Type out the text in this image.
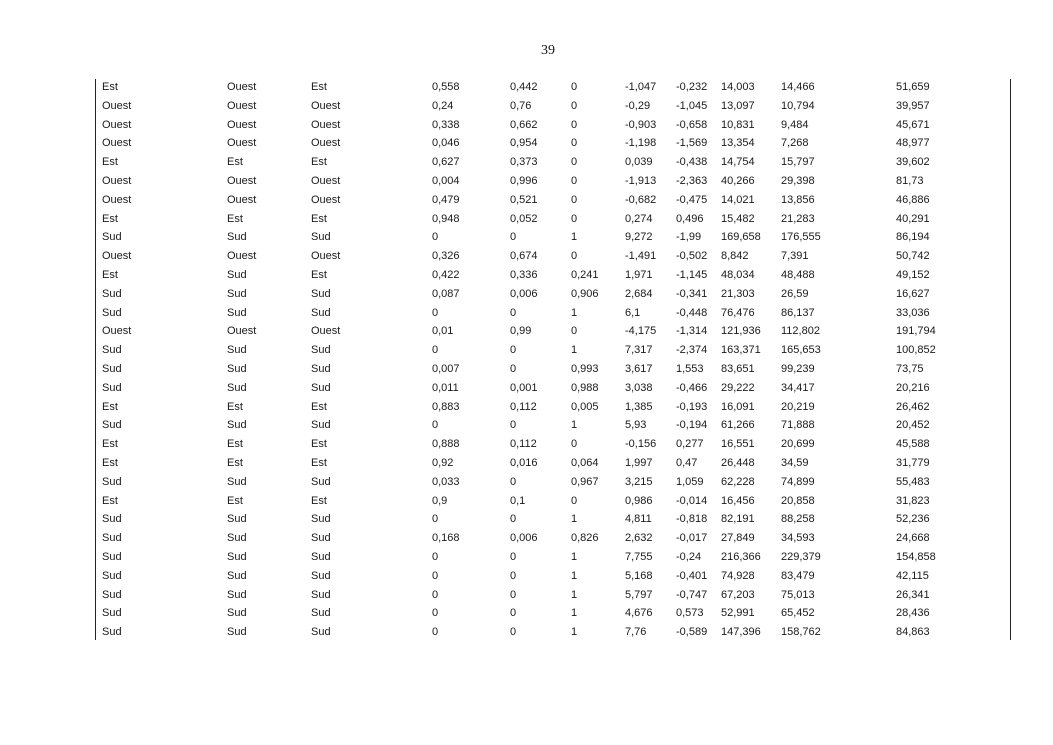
39
Est	Ouest	Est	0,558	0,442	0	-1,047 -0,232 14,003 14,466	51,659
Ouest	Ouest	Ouest	0,24	0,76	0	-0,29 -1,045 13,097 10,794	39,957
Ouest	Ouest	Ouest	0,338	0,662	0	-0,903 -0,658 10,831 9,484	45,671
Ouest	Ouest	Ouest	0,046	0,954	0	-1,198 -1,569 13,354 7,268	48,977
Est	Est	Est	0,627	0,373	0	0,039 -0,438 14,754 15,797	39,602
Ouest	Ouest	Ouest	0,004	0,996	0	-1,913 -2,363 40,266 29,398	81,73
Ouest	Ouest	Ouest	0,479	0,521	0	-0,682 -0,475 14,021 13,856	46,886
Est	Est	Est	0,948	0,052	0	0,274 0,496 15,482 21,283	40,291
Sud	Sud	Sud	0	0	1	9,272 -1,99 169,658 176,555	86,194
Ouest	Ouest	Ouest	0,326	0,674	0	-1,491 -0,502 8,842	7,391	50,742
Est	Sud	Est	0,422	0,336	0,241 1,971 -1,145 48,034 48,488	49,152
Sud	Sud	Sud	0,087	0,006	0,906 2,684 -0,341 21,303 26,59	16,627
Sud	Sud	Sud	0	0	1	6,1	-0,448 76,476 86,137	33,036
Ouest	Ouest	Ouest	0,01	0,99	0	-4,175 -1,314 121,936 112,802	191,794
Sud	Sud	Sud	0	0	1	7,317 -2,374 163,371 165,653	100,852
Sud	Sud	Sud	0,007	0	0,993 3,617 1,553 83,651 99,239	73,75
Sud	Sud	Sud	0,011	0,001	0,988 3,038 -0,466 29,222 34,417	20,216
Est	Est	Est	0,883	0,112	0,005 1,385 -0,193 16,091 20,219	26,462
Sud	Sud	Sud	0	0	1	5,93	-0,194 61,266 71,888	20,452
Est	Est	Est	0,888	0,112	0	-0,156 0,277 16,551 20,699	45,588
Est	Est	Est	0,92	0,016	0,064 1,997 0,47 26,448 34,59	31,779
Sud	Sud	Sud	0,033	0	0,967 3,215 1,059 62,228 74,899	55,483
Est	Est	Est	0,9	0,1	0	0,986 -0,014 16,456 20,858	31,823
Sud	Sud	Sud	0	0	1	4,811 -0,818 82,191 88,258	52,236
Sud	Sud	Sud	0,168	0,006	0,826 2,632 -0,017 27,849 34,593	24,668
Sud	Sud	Sud	0	0	1	7,755 -0,24 216,366 229,379	154,858
Sud	Sud	Sud	0	0	1	5,168 -0,401 74,928 83,479	42,115
Sud	Sud	Sud	0	0	1	5,797 -0,747 67,203 75,013	26,341
Sud	Sud	Sud	0	0	1	4,676 0,573 52,991 65,452	28,436
Sud	Sud	Sud	0	0	1	7,76	-0,589 147,396 158,762	84,863
